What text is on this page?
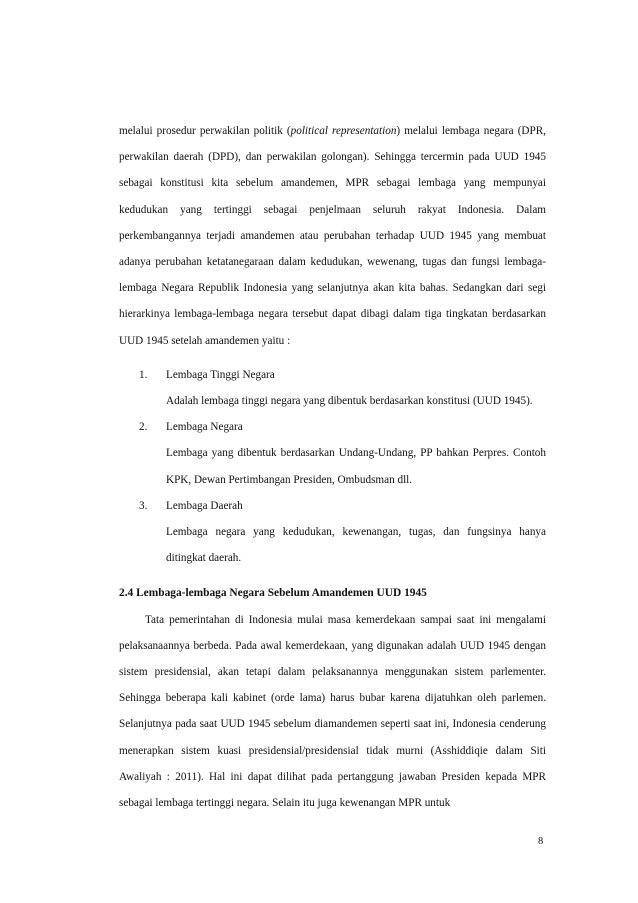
melalui prosedur perwakilan politik (political representation) melalui lembaga negara (DPR, perwakilan daerah (DPD), dan perwakilan golongan). Sehingga tercermin pada UUD 1945 sebagai konstitusi kita sebelum amandemen, MPR sebagai lembaga yang mempunyai kedudukan yang tertinggi sebagai penjelmaan seluruh rakyat Indonesia. Dalam perkembangannya terjadi amandemen atau perubahan terhadap UUD 1945 yang membuat adanya perubahan ketatanegaraan dalam kedudukan, wewenang, tugas dan fungsi lembaga-lembaga Negara Republik Indonesia yang selanjutnya akan kita bahas. Sedangkan dari segi hierarkinya lembaga-lembaga negara tersebut dapat dibagi dalam tiga tingkatan berdasarkan UUD 1945 setelah amandemen yaitu :

1. Lembaga Tinggi Negara
Adalah lembaga tinggi negara yang dibentuk berdasarkan konstitusi (UUD 1945).
2. Lembaga Negara
Lembaga yang dibentuk berdasarkan Undang-Undang, PP bahkan Perpres. Contoh KPK, Dewan Pertimbangan Presiden, Ombudsman dll.
3. Lembaga Daerah
Lembaga negara yang kedudukan, kewenangan, tugas, dan fungsinya hanya ditingkat daerah.
2.4 Lembaga-lembaga Negara Sebelum Amandemen UUD 1945

Tata pemerintahan di Indonesia mulai masa kemerdekaan sampai saat ini mengalami pelaksanaannya berbeda. Pada awal kemerdekaan, yang digunakan adalah UUD 1945 dengan sistem presidensial, akan tetapi dalam pelaksanannya menggunakan sistem parlementer. Sehingga beberapa kali kabinet (orde lama) harus bubar karena dijatuhkan oleh parlemen. Selanjutnya pada saat UUD 1945 sebelum diamandemen seperti saat ini, Indonesia cenderung menerapkan sistem kuasi presidensial/presidensial tidak murni (Asshiddiqie dalam Siti Awaliyah : 2011). Hal ini dapat dilihat pada pertanggung jawaban Presiden kepada MPR sebagai lembaga tertinggi negara. Selain itu juga kewenangan MPR untuk

8
